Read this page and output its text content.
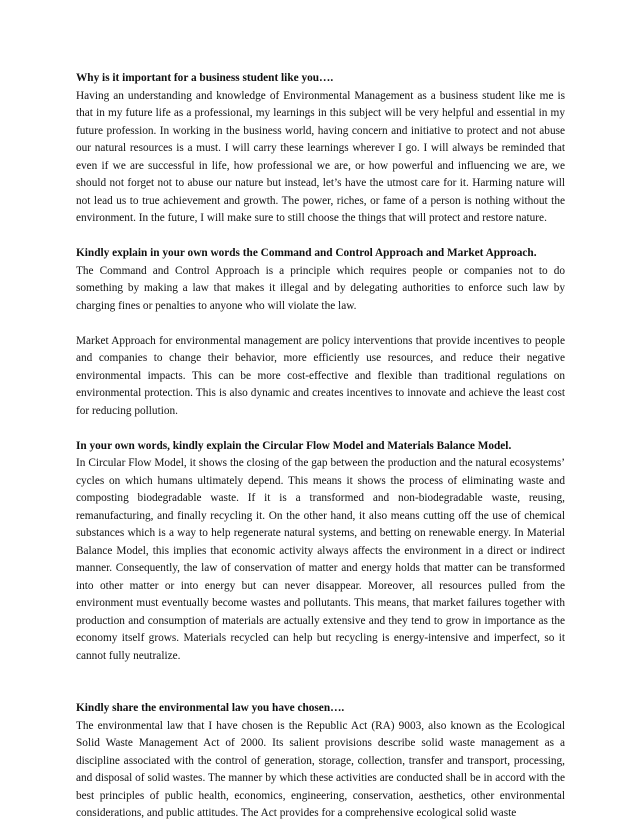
Why is it important for a business student like you….

Having an understanding and knowledge of Environmental Management as a business student like me is that in my future life as a professional, my learnings in this subject will be very helpful and essential in my future profession. In working in the business world, having concern and initiative to protect and not abuse our natural resources is a must. I will carry these learnings wherever I go. I will always be reminded that even if we are successful in life, how professional we are, or how powerful and influencing we are, we should not forget not to abuse our nature but instead, let’s have the utmost care for it. Harming nature will not lead us to true achievement and growth. The power, riches, or fame of a person is nothing without the environment. In the future, I will make sure to still choose the things that will protect and restore nature.

Kindly explain in your own words the Command and Control Approach and Market Approach.

The Command and Control Approach is a principle which requires people or companies not to do something by making a law that makes it illegal and by delegating authorities to enforce such law by charging fines or penalties to anyone who will violate the law.

Market Approach for environmental management are policy interventions that provide incentives to people and companies to change their behavior, more efficiently use resources, and reduce their negative environmental impacts. This can be more cost-effective and flexible than traditional regulations on environmental protection. This is also dynamic and creates incentives to innovate and achieve the least cost for reducing pollution.

In your own words, kindly explain the Circular Flow Model and Materials Balance Model.

In Circular Flow Model, it shows the closing of the gap between the production and the natural ecosystems’ cycles on which humans ultimately depend. This means it shows the process of eliminating waste and composting biodegradable waste. If it is a transformed and non-biodegradable waste, reusing, remanufacturing, and finally recycling it. On the other hand, it also means cutting off the use of chemical substances which is a way to help regenerate natural systems, and betting on renewable energy. In Material Balance Model, this implies that economic activity always affects the environment in a direct or indirect manner. Consequently, the law of conservation of matter and energy holds that matter can be transformed into other matter or into energy but can never disappear. Moreover, all resources pulled from the environment must eventually become wastes and pollutants. This means, that market failures together with production and consumption of materials are actually extensive and they tend to grow in importance as the economy itself grows. Materials recycled can help but recycling is energy-intensive and imperfect, so it cannot fully neutralize.

Kindly share the environmental law you have chosen….

The environmental law that I have chosen is the Republic Act (RA) 9003, also known as the Ecological Solid Waste Management Act of 2000. Its salient provisions describe solid waste management as a discipline associated with the control of generation, storage, collection, transfer and transport, processing, and disposal of solid wastes. The manner by which these activities are conducted shall be in accord with the best principles of public health, economics, engineering, conservation, aesthetics, other environmental considerations, and public attitudes. The Act provides for a comprehensive ecological solid waste
